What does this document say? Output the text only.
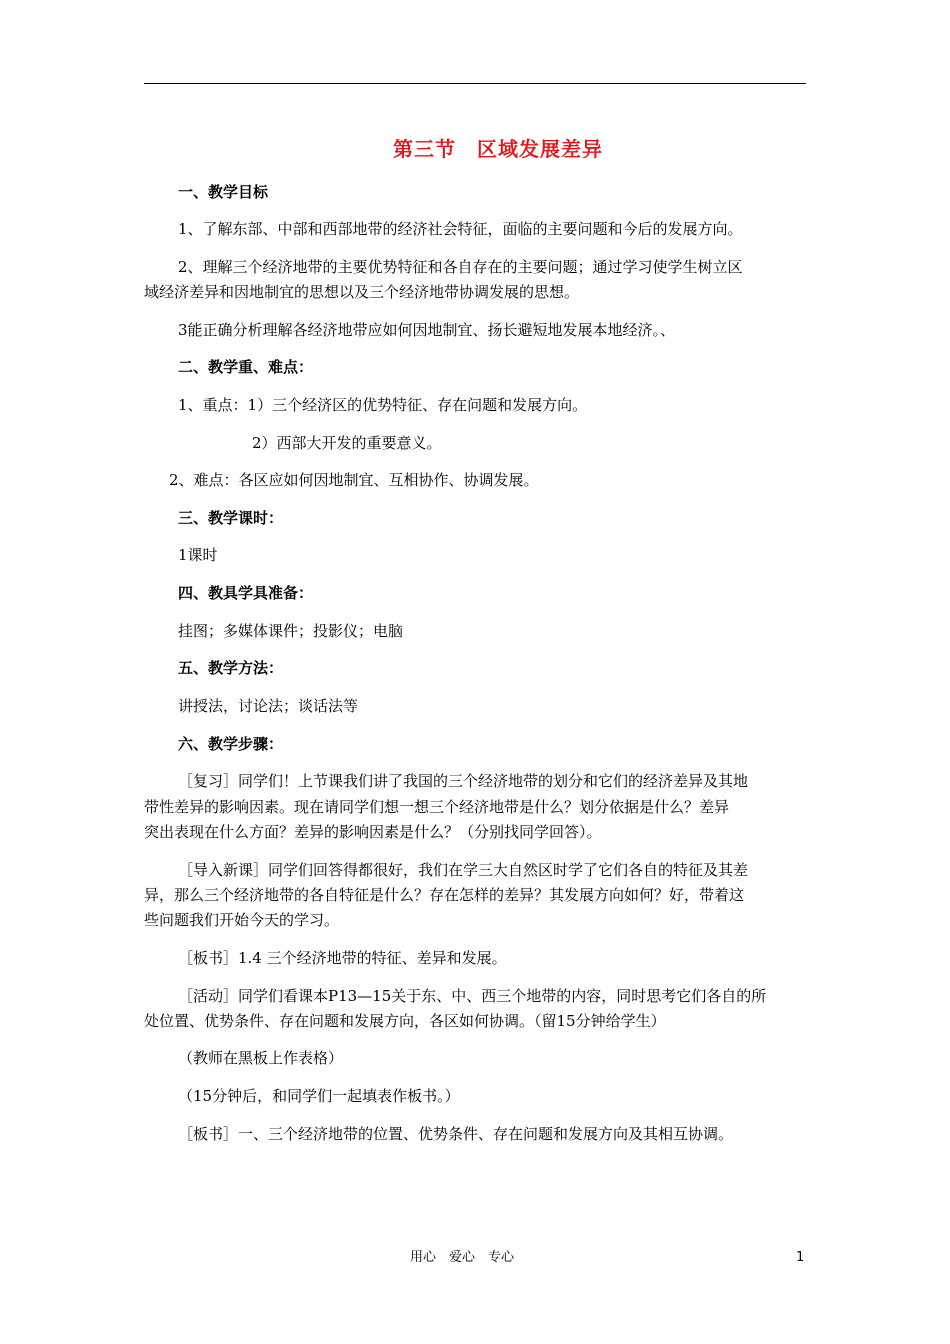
第三节　区域发展差异
一、教学目标
1、了解东部、中部和西部地带的经济社会特征，面临的主要问题和今后的发展方向。
2、理解三个经济地带的主要优势特征和各自存在的主要问题；通过学习使学生树立区
域经济差异和因地制宜的思想以及三个经济地带协调发展的思想。
3能正确分析理解各经济地带应如何因地制宜、扬长避短地发展本地经济。、
二、教学重、难点：
1、重点：1）三个经济区的优势特征、存在问题和发展方向。
2）西部大开发的重要意义。
2、难点：各区应如何因地制宜、互相协作、协调发展。
三、教学课时：
1课时
四、教具学具准备：
挂图；多媒体课件；投影仪；电脑
五、教学方法：
讲授法，讨论法；谈话法等
六、教学步骤：
［复习］同学们！上节课我们讲了我国的三个经济地带的划分和它们的经济差异及其地
带性差异的影响因素。现在请同学们想一想三个经济地带是什么？划分依据是什么？差异
突出表现在什么方面？差异的影响因素是什么？（分别找同学回答）。
［导入新课］同学们回答得都很好，我们在学三大自然区时学了它们各自的特征及其差
异，那么三个经济地带的各自特征是什么？存在怎样的差异？其发展方向如何？好，带着这
些问题我们开始今天的学习。
［板书］1.4 三个经济地带的特征、差异和发展。
［活动］同学们看课本P13—15关于东、中、西三个地带的内容，同时思考它们各自的所
处位置、优势条件、存在问题和发展方向，各区如何协调。（留15分钟给学生）
（教师在黑板上作表格）
（15分钟后，和同学们一起填表作板书。）
［板书］一、三个经济地带的位置、优势条件、存在问题和发展方向及其相互协调。
用心　爱心　专心	1
